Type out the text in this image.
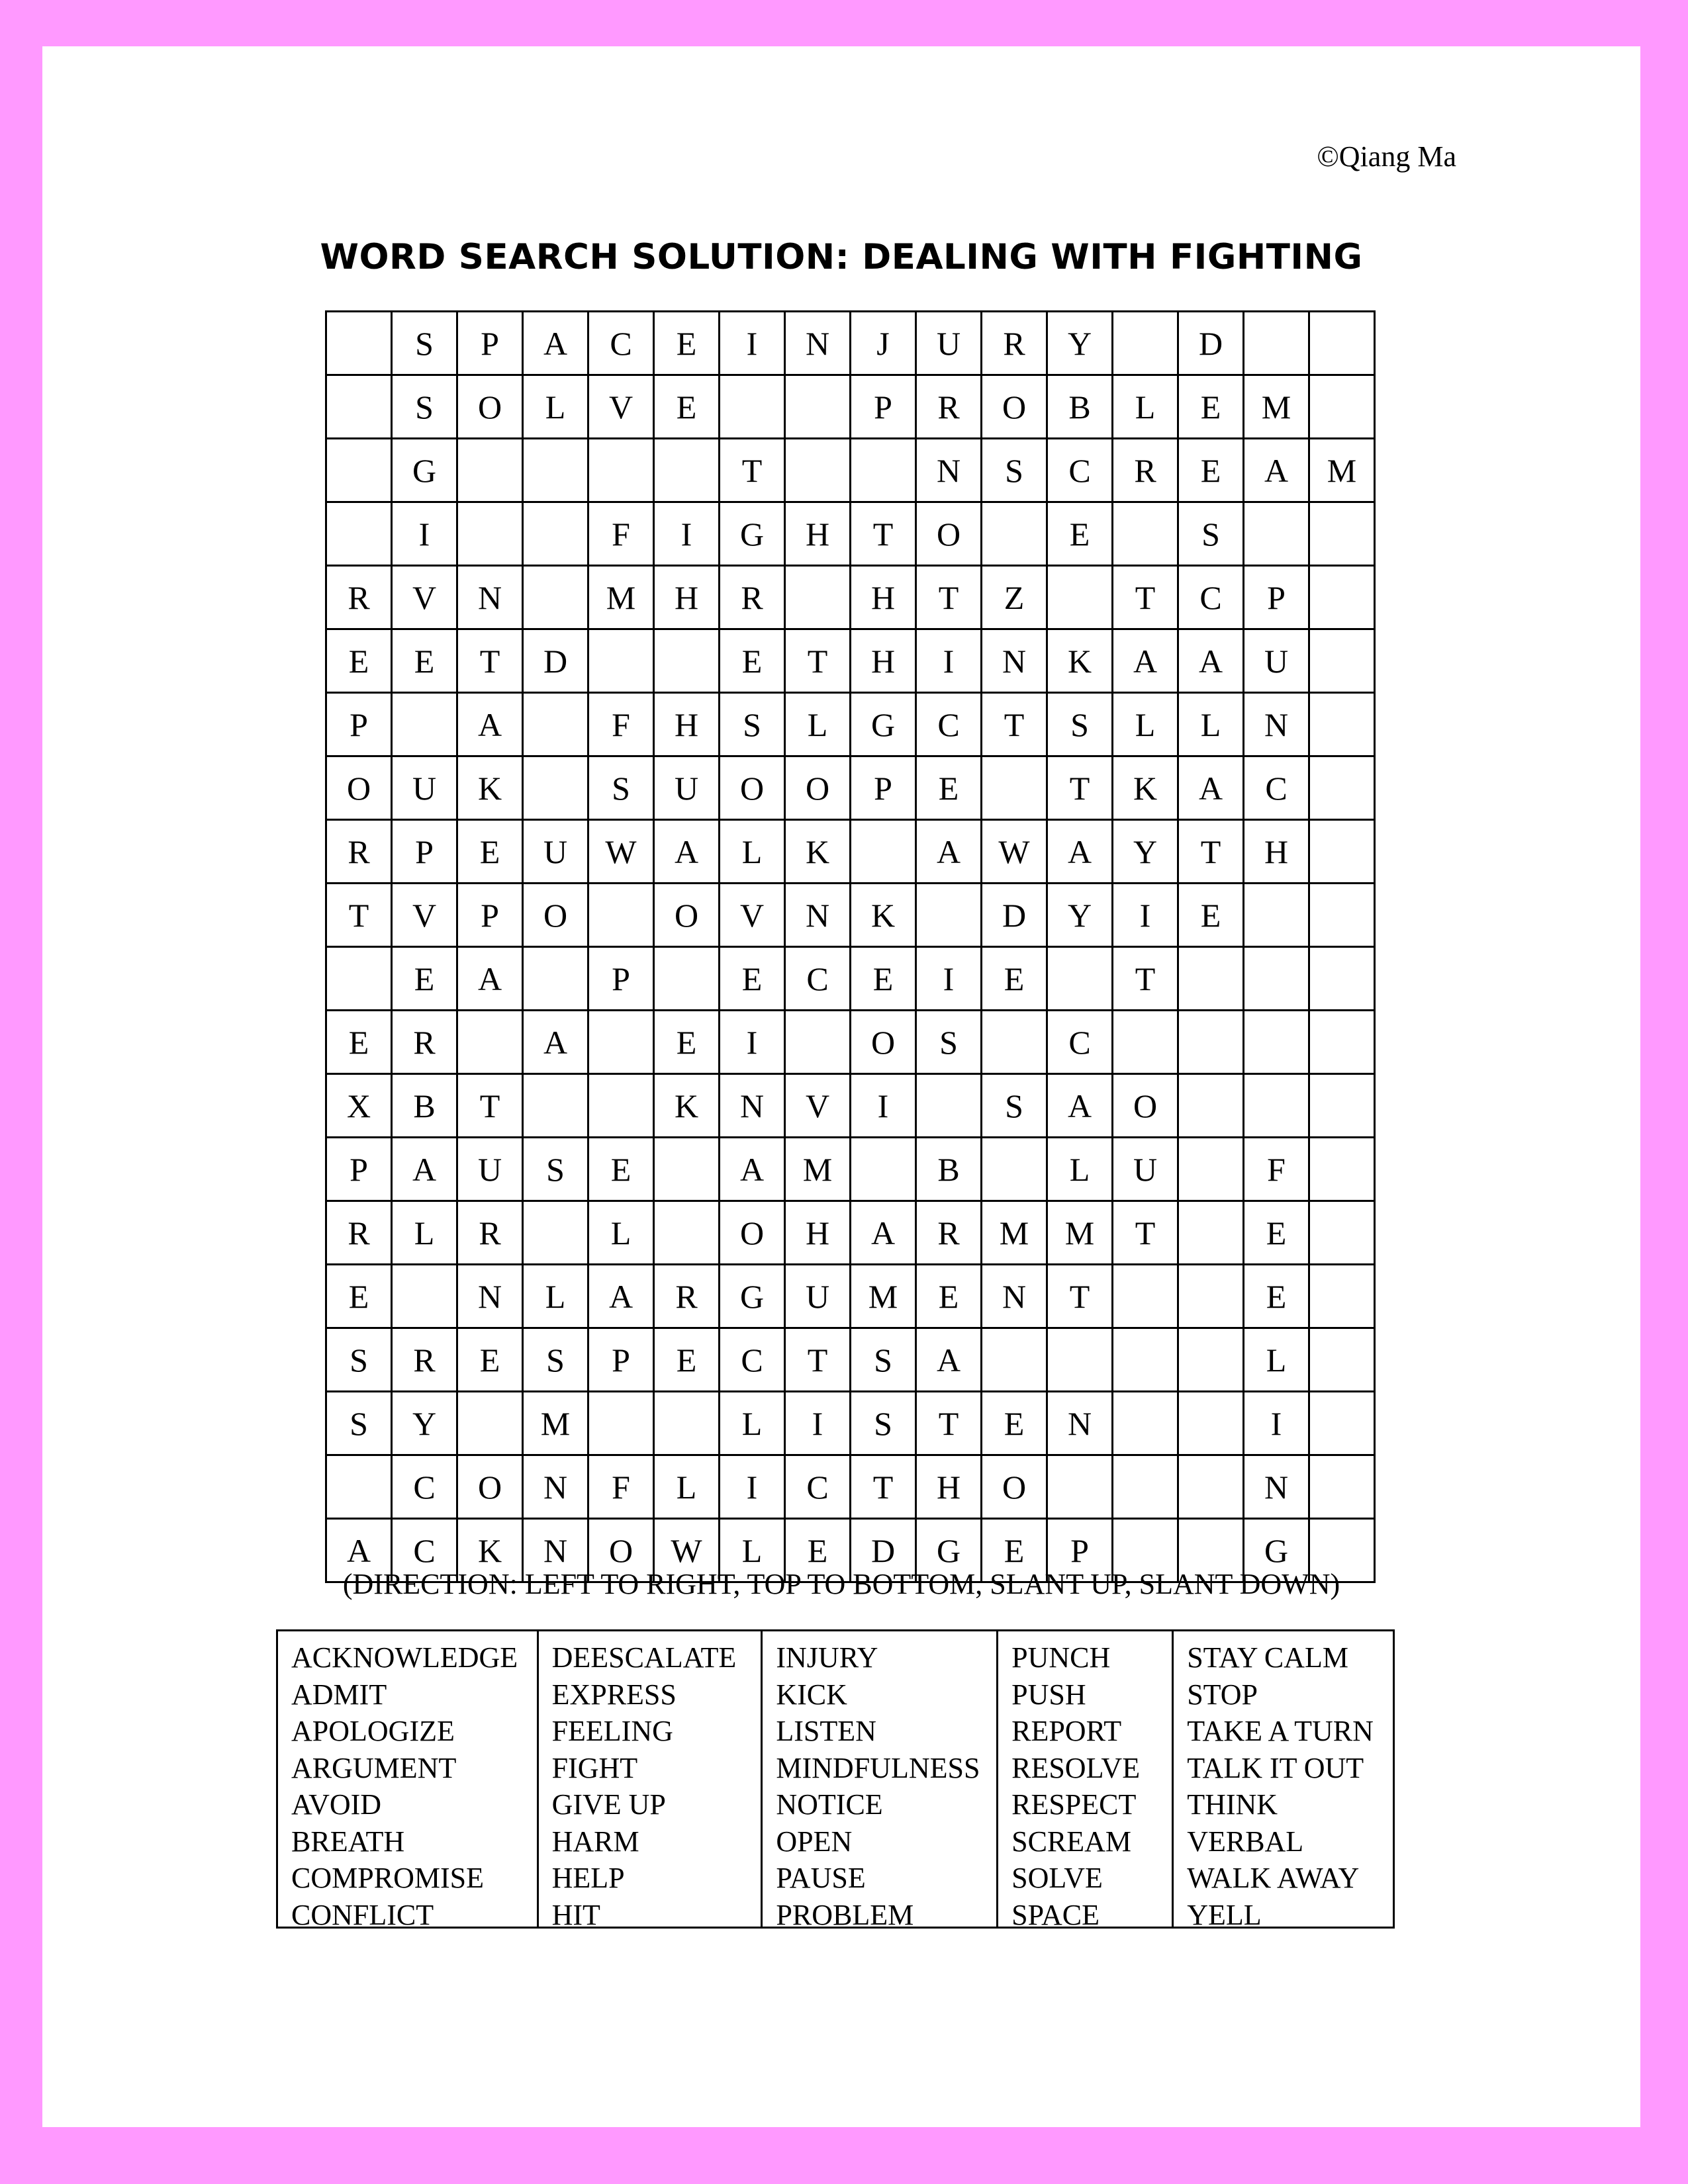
©Qiang Ma
WORD SEARCH SOLUTION: DEALING WITH FIGHTING
	S	P	A	C	E	I	N	J	U	R	Y		D		
	S	O	L	V	E			P	R	O	B	L	E	M	
	G					T			N	S	C	R	E	A	M
	I			F	I	G	H	T	O		E		S		
R	V	N		M	H	R		H	T	Z		T	C	P	
E	E	T	D			E	T	H	I	N	K	A	A	U	
P		A		F	H	S	L	G	C	T	S	L	L	N	
O	U	K		S	U	O	O	P	E		T	K	A	C	
R	P	E	U	W	A	L	K		A	W	A	Y	T	H	
T	V	P	O		O	V	N	K		D	Y	I	E		
	E	A		P		E	C	E	I	E		T			
E	R		A		E	I		O	S		C				
X	B	T			K	N	V	I		S	A	O			
P	A	U	S	E		A	M		B		L	U		F	
R	L	R		L		O	H	A	R	M	M	T		E	
E		N	L	A	R	G	U	M	E	N	T			E	
S	R	E	S	P	E	C	T	S	A					L	
S	Y		M			L	I	S	T	E	N			I	
	C	O	N	F	L	I	C	T	H	O				N	
A	C	K	N	O	W	L	E	D	G	E	P			G	
(DIRECTION: LEFT TO RIGHT, TOP TO BOTTOM, SLANT UP, SLANT DOWN)
ACKNOWLEDGE
ADMIT
APOLOGIZE
ARGUMENT
AVOID
BREATH
COMPROMISE
CONFLICT
DEESCALATE
EXPRESS
FEELING
FIGHT
GIVE UP
HARM
HELP
HIT
INJURY
KICK
LISTEN
MINDFULNESS
NOTICE
OPEN
PAUSE
PROBLEM
PUNCH
PUSH
REPORT
RESOLVE
RESPECT
SCREAM
SOLVE
SPACE
STAY CALM
STOP
TAKE A TURN
TALK IT OUT
THINK
VERBAL
WALK AWAY
YELL
